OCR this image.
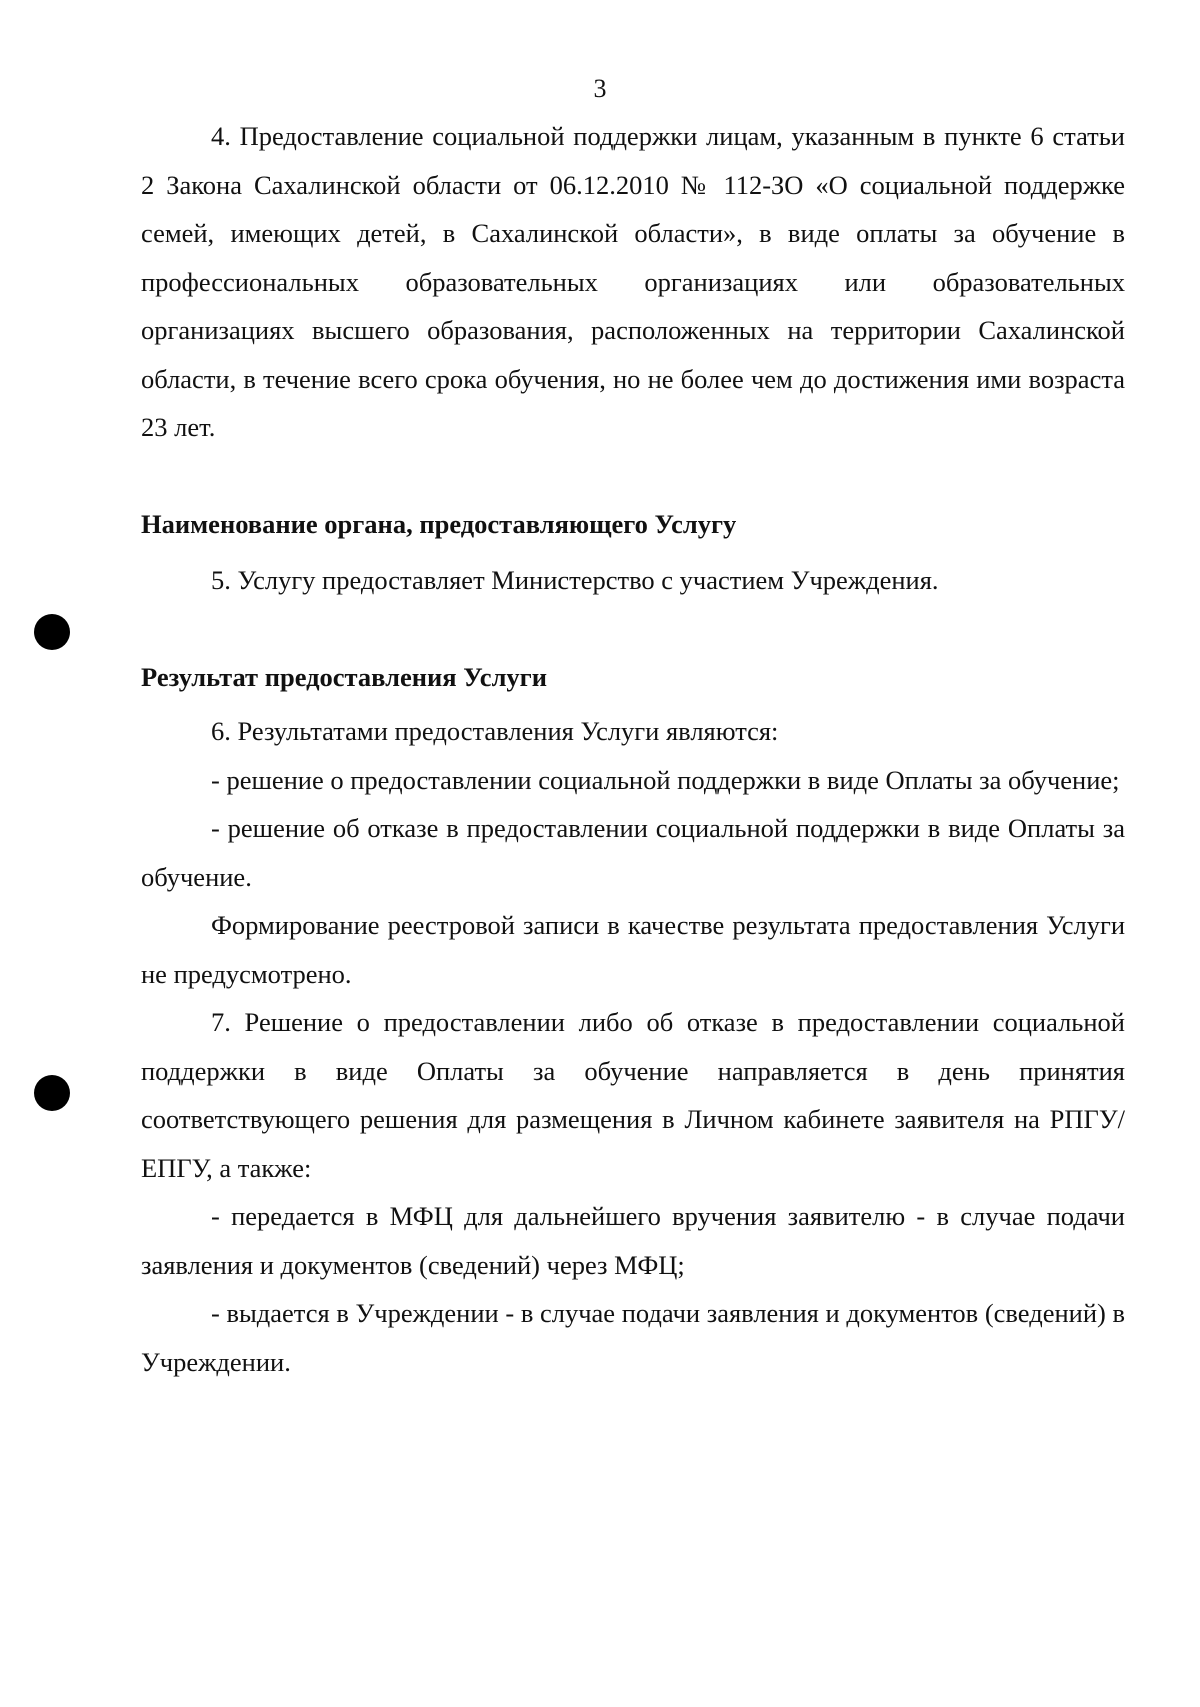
3

4. Предоставление социальной поддержки лицам, указанным в пункте 6 статьи 2 Закона Сахалинской области от 06.12.2010 № 112-ЗО «О социальной поддержке семей, имеющих детей, в Сахалинской области», в виде оплаты за обучение в профессиональных образовательных организациях или образовательных организациях высшего образования, расположенных на территории Сахалинской области, в течение всего срока обучения, но не более чем до достижения ими возраста 23 лет.

Наименование органа, предоставляющего Услугу

5. Услугу предоставляет Министерство с участием Учреждения.

Результат предоставления Услуги

6. Результатами предоставления Услуги являются:

- решение о предоставлении социальной поддержки в виде Оплаты за обучение;

- решение об отказе в предоставлении социальной поддержки в виде Оплаты за обучение.

Формирование реестровой записи в качестве результата предоставления Услуги не предусмотрено.

7. Решение о предоставлении либо об отказе в предоставлении социальной поддержки в виде Оплаты за обучение направляется в день принятия соответствующего решения для размещения в Личном кабинете заявителя на РПГУ/ЕПГУ, а также:

- передается в МФЦ для дальнейшего вручения заявителю - в случае подачи заявления и документов (сведений) через МФЦ;

- выдается в Учреждении - в случае подачи заявления и документов (сведений) в Учреждении.
